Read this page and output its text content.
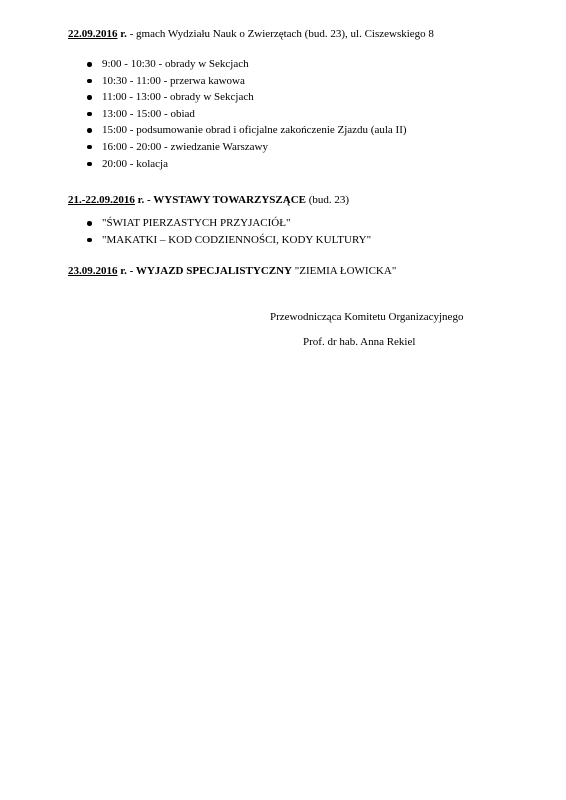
22.09.2016 r. - gmach Wydziału Nauk o Zwierzętach (bud. 23), ul. Ciszewskiego 8
9:00 - 10:30 - obrady w Sekcjach
10:30 - 11:00 - przerwa kawowa
11:00 - 13:00 - obrady w Sekcjach
13:00 - 15:00 - obiad
15:00 - podsumowanie obrad i oficjalne zakończenie Zjazdu (aula II)
16:00 - 20:00 - zwiedzanie Warszawy
20:00 - kolacja
21.-22.09.2016 r. - WYSTAWY TOWARZYSZĄCE (bud. 23)
"ŚWIAT PIERZASTYCH PRZYJACIÓŁ"
"MAKATKI – KOD CODZIENNOŚCI, KODY KULTURY"
23.09.2016 r. - WYJAZD SPECJALISTYCZNY "ZIEMIA ŁOWICKA"
Przewodnicząca Komitetu Organizacyjnego
Prof. dr hab. Anna Rekiel
